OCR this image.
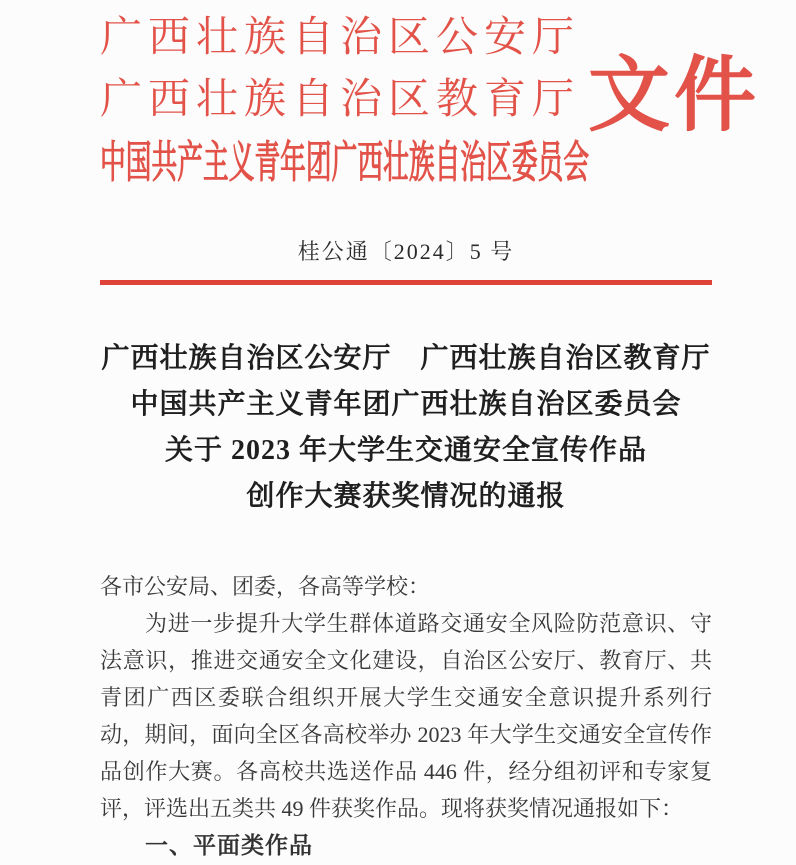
广西壮族自治区公安厅
广西壮族自治区教育厅 文件
中国共产主义青年团广西壮族自治区委员会
桂公通〔2024〕5 号
广西壮族自治区公安厅　广西壮族自治区教育厅
中国共产主义青年团广西壮族自治区委员会
关于 2023 年大学生交通安全宣传作品
创作大赛获奖情况的通报
各市公安局、团委，各高等学校：
为进一步提升大学生群体道路交通安全风险防范意识、守法意识，推进交通安全文化建设，自治区公安厅、教育厅、共青团广西区委联合组织开展大学生交通安全意识提升系列行动，期间，面向全区各高校举办 2023 年大学生交通安全宣传作品创作大赛。各高校共选送作品 446 件，经分组初评和专家复评，评选出五类共 49 件获奖作品。现将获奖情况通报如下：
一、平面类作品
